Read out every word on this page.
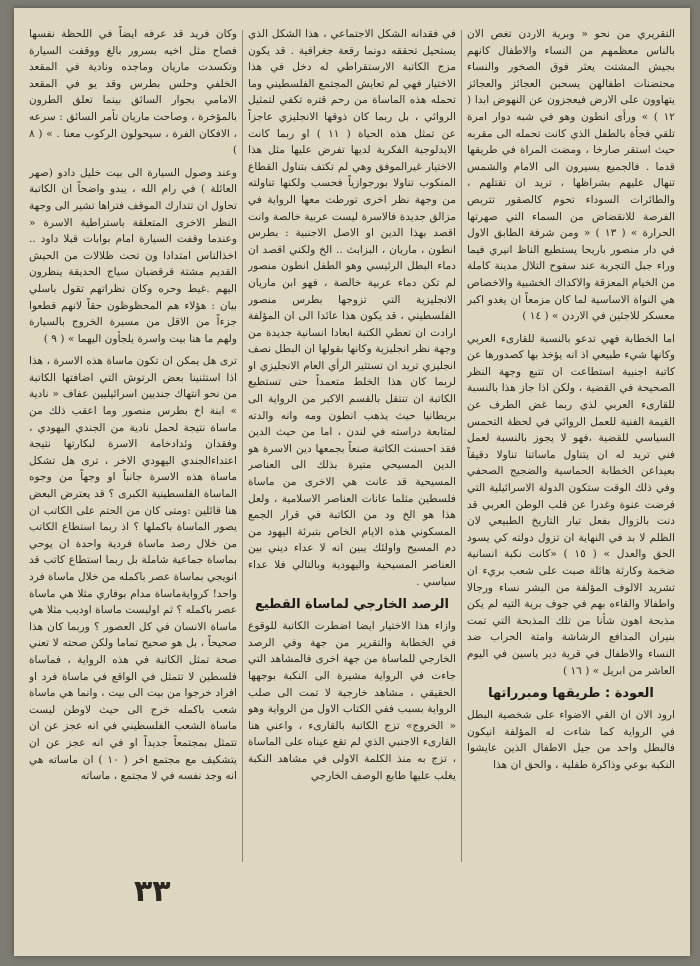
وكان فريد قد عرفه ايضاً في اللحظة نفسها فصاح مثل اخيه بسرور بالغ ووقفت السيارة وتكسدت ماريان وماجده ونادية في المقعد الخلفي وحلس بطرس وقد يو في المقعد الامامي بجوار السائق بينما تعلق الطرون بالمؤخرة ، وصاحت ماريان تأمر السائق : سرعه ، الافكان الفرة ، سيحولون الركوب معنا . » ( ٨ )

وعند وصول السيارة الى بيت خليل دادو (صهر العائلة ) في رام الله ، يبدو واضحاً ان الكاتبة تحاول ان تتدارك الموقف فتراها تشير الى وجهة النظر الاخرى المتعلقة باستراطية الاسرة « وعندما وقفت السيارة امام بوابات قبلا داود .. اخذالناس امتدادا ون تحت ظلالات من الحيش القديم مشتة قرقضبان سياج الحديقة ينظرون اليهم .غيط وحره وكان نظراتهم تقول باسلي بيان : هؤلاء هم المحظوظون حقاً لانهم قطعوا جزءاً من الاقل من مسيرة الخروج بالسيارة ولهم ما هنا بيت واسرة يلجأون اليهما » ( ٩ )

ترى هل يمكن ان تكون ماساة هذه الاسرة ، هذا اذا استثنينا بعض الرتوش التي اضافتها الكاتبة من نحو انتهاك جنديين اسرائيليين عفاف « نادية » ابنة اخ بطرس منصور وما اعقب ذلك من ماساة نتيجة لحمل نادية من الجندي اليهودي ، وفقدان وئدادخامة الاسرة لبكارتها نتيجة اعتداءالجندي اليهودي الاخر ، ترى هل تشكل ماساة هذه الاسرة جانباً او وجهاً من وجوه الماساة الفلسطينية الكبرى ؟ قد يعترض البعض هنا قائلين :ومتى كان من الحتم على الكاتب ان يصور الماساة باكملها ؟ اذ ربما استطاع الكاتب من خلال رصد ماساة فردية واحدة ان يوحي بماساة جماعية شاملة بل ربما استطاع كاتب قد انويجي بماساة عصر باكمله من خلال ماساة فرد واحد! كروايةماساة مدام بوفاري مثلا هي ماساة عصر باكمله ؟ ثم اوليست ماساة اوديب مثلا هي ماساة الانسان في كل العصور ؟ وربما كان هذا صحيحاً ، بل هو صحيح تماما ولكن صحته لا تعني صحة تمثل الكاتبة في هذه الرواية ، فماساة فلسطين لا تتمثل في الواقع في ماساة فرد او افراد خرجوا من بيت الى بيت ، وانما هي ماساة شعب باكمله خرج الى حيث لاوطن ليست ماساة الشعب الفلسطيني في انه عجز عن ان تتمثل بمجتمعاً جديداً او في انه عجز عن ان يتشكيف مع مجتمع اخر ( ١٠ ) ان ماساته هي انه وجد نفسه في لا مجتمع ، ماساته

في فقدانه الشكل الاجتماعي ، هذا الشكل الذي يستحيل تحققه دونما رقعة جغرافية . قد يكون مزج الكاتبة الارستقراطي له دخل في هذا الاختيار فهي لم تعايش المجتمع الفلسطيني وما تحمله هذه الماساة من رحم قتره تكفي لتمثيل الروائي ، بل ربما كان ذوقها الانجليزي عاجزاً عن تمثل هذه الحياة ( ١١ ) او ربما كانت الايدلوجية الفكرية لديها تفرض عليها مثل هذا الاختيار غيرالموفق وهي لم تكتف بتناول القطاع المنكوب تناولا بورجوازياً فحسب ولكنها تناولته من وجهة نظر اخرى تورطت معها الرواية في مزالق جديدة فالاسرة ليست عربية خالصة وانت اقصد بهذا الدين او الاصل الاجنبية : بطرس انطون ، ماريان ، البزابث .. الخ ولكني اقصد ان دماء البطل الرئيسي وهو الطفل انطون منصور لم تكن دماء عربية خالصة ، فهو ابن ماريان الانجليزية التي تزوجها بطرس منصور الفلسطيني ، قد يكون هذا عائدا الى ان المؤلفة ارادت ان تعطي الكتبة ابعادا انسانية جديدة من وجهة نظر انجليزية وكانها بقولها ان البطل نصف انجليزي تريد ان تستثير الرأي العام الانجليزي او لربما كان هذا الخلط متعمداً حتى تستطيع الكاتبة ان تنتقل بالقسم الاكبر من الرواية الى بريطانيا حيث يذهب انطون ومه وانه والدته لمتابعة دراسته في لندن ، اما من حيث الدين فقد احسنت الكاتبة صنعاً بجمعها دين الاسرة هو الدين المسيحي متيرة بذلك الى العناصر المسيحية قد عانت هي الاخرى من ماساة فلسطين مثلما عانات العناصر الاسلامية ، ولعل هذا هو الخ ود من الكاتبة في قرار الجمع المسكوني هذه الايام الخاص بتبرئة اليهود من دم المسيح واولئك يبين انه لا عداء ديني بين العناصر المسيحية واليهودية وبالتالي فلا عداء سياسي .

الرصد الخارجي لماساة القطيع

وازاء هذا الاختيار ايضا اضطرت الكاتبة للوقوع في الخطابة والتقرير من جهة وفي الرصد الخارجي للماساة من جهة اخرى فالمشاهد التي جاءت في الرواية مشيرة الى النكبة بوجهها الحقيقي ، مشاهد خارجية لا تمت الى صلب الرواية بسبب ففي الكتاب الاول من الرواية وهو « الخروج» تزج الكاتبة بالقارىء ، واعني هنا القارىء الاجنبي الذي لم تقع عيناه على الماساة ، تزج به منذ الكلمة الاولى في مشاهد النكبة يغلب عليها طابع الوصف الخارجي

التقريري من نحو « وبرية الاردن تغص الان بالناس معظمهم من النساء والاطفال كانهم بجيش المشتت يعثر فوق الصخور والنساء محتضنات اطفالهن يسحبن العجائز والعجائز يتهاوون على الارض فيعجزون عن النهوض ابدا ( ١٢ ) » ورأى انطون وهو في شبه دوار امرة تلقي فجأة بالطفل الذي كانت تحمله الى مقربه حيث استقر صارخا ، ومضت المراة في طريقها قدما . فالجميع يسيرون الى الامام والشمس تنهال عليهم بشراظها ، تريد ان تقتلهم ، والطائرات السوداء تحوم كالصقور تتربص الفرصة للانقضاض من السماء التي صهرتها الحرارة » ( ١٣ ) « ومن شرفة الطابق الاول في دار منصور باريحا يستطيع الناظ انيري فيما وراء جبل التجربة عند سفوح التلال مدينة كاملة من الخيام المعزقة والاكداك الخشبية والاخصاص هي النواة الاساسية لما كان مزمعاً ان يغدو اكبر معسكر للاجئين في الاردن » ( ١٤ )

اما الخطابة فهي تدعو بالنسبة للقارىء العربي وكانها شيء طبيعي اذ انه يؤخذ بها كصدورها عن كاتبة اجنبية استطاعت ان تتبع وجهة النظر الصحيحة في القضية ، ولكن اذا جاز هذا بالنسبة للقارىء العربي لذي ربما غض الطرف عن القيمة الفنية للعمل الروائي في لحظة التحمس السياسي للقضية ،فهو لا يجوز بالنسبة لعمل فني تريد له ان يتناول ماساتنا تناولا دقيقاً بعيداعن الخطابة الحماسية والضجيج الصحفي وفي ذلك الوقت ستكون الدولة الاسرائيلية التي فرضت عنوة وغدرا عن قلب الوطن العربي قد دنت بالزوال بفعل تيار التاريخ الطبيعي لان الظلم لا بد في النهاية ان تزول دولته كي يسود الحق والعدل » ( ١٥ ) «كانت نكبة انسانية ضخمة وكارثة هائلة صبت على شعب بريء ان تشريد الالوف المؤلفة من البشر نساء ورجالا واطفالا والقاءه بهم في جوف برية التيه لم يكن مذبحة اهون شأنا من تلك المذبحة التي تمت بنيران المدافع الرشاشة وامتة الحراب ضد النساء والاطفال في قرية دير ياسين في اليوم العاشر من ابريل » ( ١٦ )

العودة : طريقها ومبرراتها

ارود الان ان القي الاضواء على شخصية البطل في الرواية كما شاءت له المؤلفة انيكون فالبطل واحد من جيل الاطفال الذين عايشوا النكبة بوعي وذاكرة طفلية ، والحق ان هذا

٣٣
